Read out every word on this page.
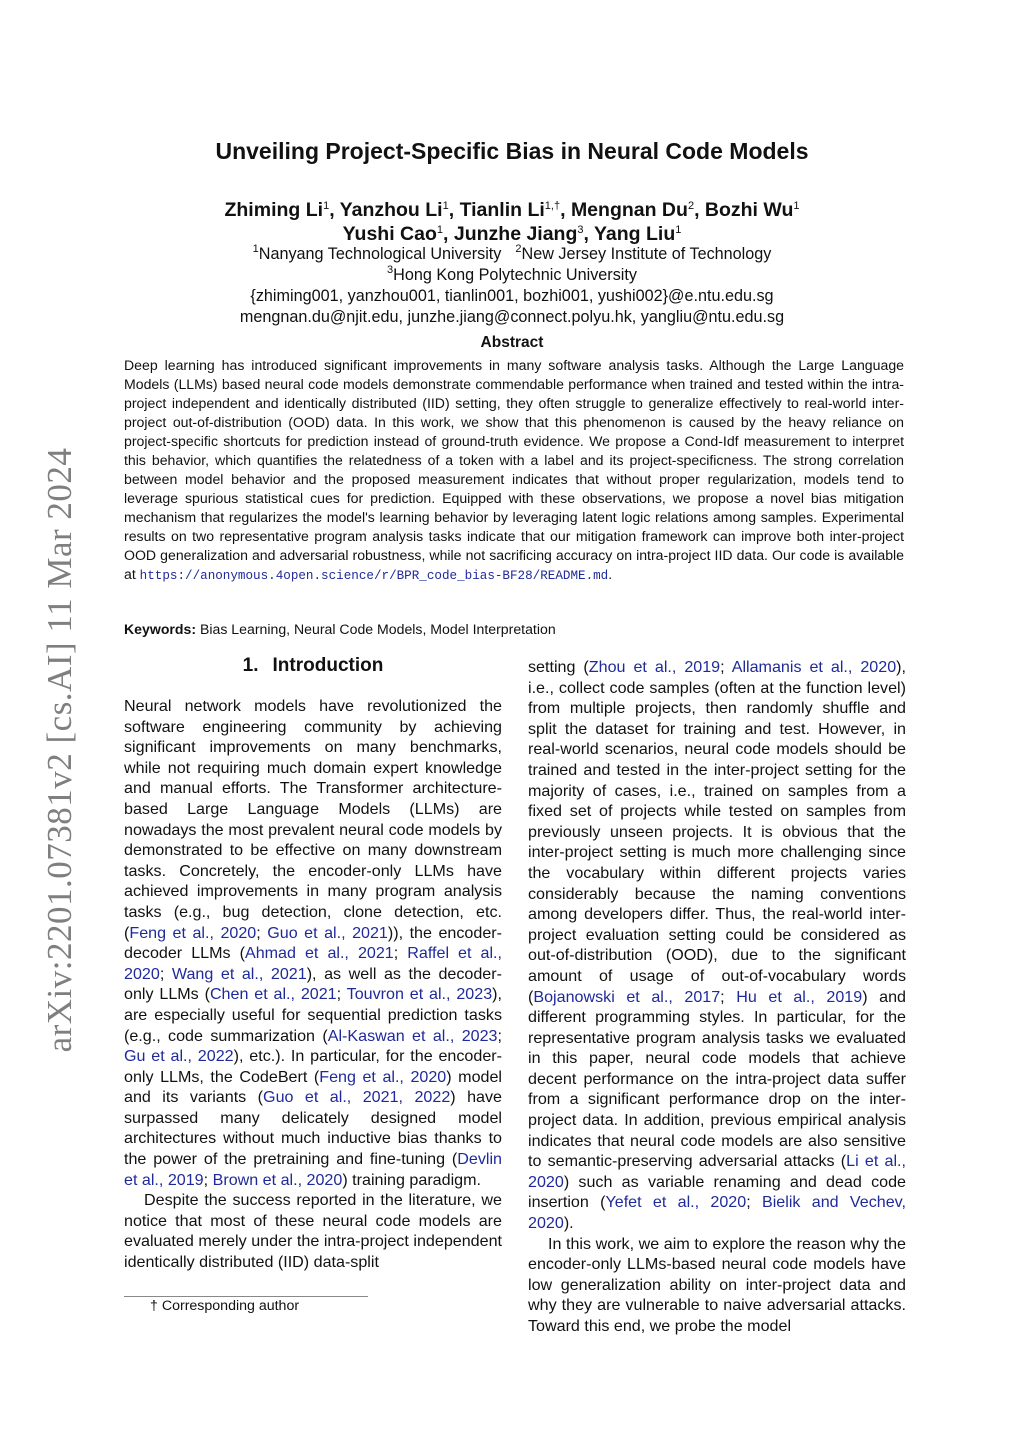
arXiv:2201.07381v2 [cs.AI] 11 Mar 2024
Unveiling Project-Specific Bias in Neural Code Models
Zhiming Li$^1$, Yanzhou Li$^1$, Tianlin $Li^{1,\dagger}$, Mengnan Du$^2$, Bozhi Wu$^1$
Yushi Cao$^1$, Junzhe Jiang$^3$, Yang Liu$^1$
$^1$Nanyang Technological University $^2$New Jersey Institute of Technology
$^3$Hong Kong Polytechnic University
{zhiming001, yanzhou001, tianlin001, bozhi001, yushi002}@e.ntu.edu.sg
mengnan.du@njit.edu, junzhe.jiang@connect.polyu.hk, yangliu@ntu.edu.sg
Abstract

Deep learning has introduced significant improvements in many software analysis tasks. Although the Large Language Models (LLMs) based neural code models demonstrate commendable performance when trained and tested within the intra-project independent and identically distributed (IID) setting, they often struggle to generalize effectively to real-world inter-project out-of-distribution (OOD) data. In this work, we show that this phenomenon is caused by the heavy reliance on project-specific shortcuts for prediction instead of ground-truth evidence. We propose a Cond-Idf measurement to interpret this behavior, which quantifies the relatedness of a token with a label and its project-specificness. The strong correlation between model behavior and the proposed measurement indicates that without proper regularization, models tend to leverage spurious statistical cues for prediction. Equipped with these observations, we propose a novel bias mitigation mechanism that regularizes the model's learning behavior by leveraging latent logic relations among samples. Experimental results on two representative program analysis tasks indicate that our mitigation framework can improve both inter-project OOD generalization and adversarial robustness, while not sacrificing accuracy on intra-project IID data. Our code is available at https://anonymous.4open.science/r/BPR_code_bias-BF28/README.md.

Keywords: Bias Learning, Neural Code Models, Model Interpretation
1. Introduction

Neural network models have revolutionized the software engineering community by achieving significant improvements on many benchmarks, while not requiring much domain expert knowledge and manual efforts. The Transformer architecture-based Large Language Models (LLMs) are nowadays the most prevalent neural code models by demonstrated to be effective on many downstream tasks. Concretely, the encoder-only LLMs have achieved improvements in many program analysis tasks (e.g., bug detection, clone detection, etc. (Feng et al., 2020; Guo et al., 2021)), the encoder-decoder LLMs (Ahmad et al., 2021; Raffel et al., 2020; Wang et al., 2021), as well as the decoder-only LLMs (Chen et al., 2021; Touvron et al., 2023), are especially useful for sequential prediction tasks (e.g., code summarization (Al-Kaswan et al., 2023; Gu et al., 2022), etc.). In particular, for the encoder-only LLMs, the CodeBert (Feng et al., 2020) model and its variants (Guo et al., 2021, 2022) have surpassed many delicately designed model architectures without much inductive bias thanks to the power of the pretraining and fine-tuning (Devlin et al., 2019; Brown et al., 2020) training paradigm.

Despite the success reported in the literature, we notice that most of these neural code models are evaluated merely under the intra-project independent identically distributed (IID) data-split

setting (Zhou et al., 2019; Allamanis et al., 2020), i.e., collect code samples (often at the function level) from multiple projects, then randomly shuffle and split the dataset for training and test. However, in real-world scenarios, neural code models should be trained and tested in the inter-project setting for the majority of cases, i.e., trained on samples from a fixed set of projects while tested on samples from previously unseen projects. It is obvious that the inter-project setting is much more challenging since the vocabulary within different projects varies considerably because the naming conventions among developers differ. Thus, the real-world inter-project evaluation setting could be considered as out-of-distribution (OOD), due to the significant amount of usage of out-of-vocabulary words (Bojanowski et al., 2017; Hu et al., 2019) and different programming styles. In particular, for the representative program analysis tasks we evaluated in this paper, neural code models that achieve decent performance on the intra-project data suffer from a significant performance drop on the inter-project data. In addition, previous empirical analysis indicates that neural code models are also sensitive to semantic-preserving adversarial attacks (Li et al., 2020) such as variable renaming and dead code insertion (Yefet et al., 2020; Bielik and Vechev, 2020).

In this work, we aim to explore the reason why the encoder-only LLMs-based neural code models have low generalization ability on inter-project data and why they are vulnerable to naive adversarial attacks. Toward this end, we probe the model

† Corresponding author
